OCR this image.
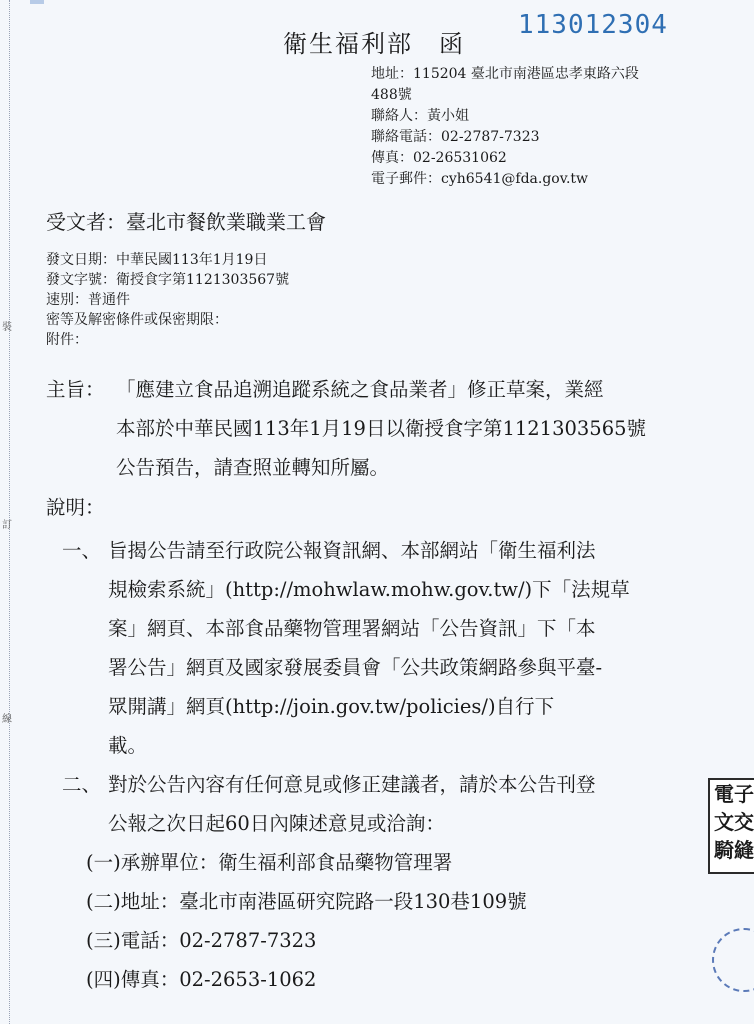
裝
訂
線
衛生福利部　函
113012304
地址：115204 臺北市南港區忠孝東路六段
488號
聯絡人：黃小姐
聯絡電話：02-2787-7323
傳真：02-26531062
電子郵件：cyh6541@fda.gov.tw
受文者：臺北市餐飲業職業工會
發文日期：中華民國113年1月19日
發文字號：衛授食字第1121303567號
速別：普通件
密等及解密條件或保密期限：
附件：
主旨： 「應建立食品追溯追蹤系統之食品業者」修正草案，業經
本部於中華民國113年1月19日以衛授食字第1121303565號
公告預告，請查照並轉知所屬。
說明：
一、 旨揭公告請至行政院公報資訊網、本部網站「衛生福利法
規檢索系統」(http://mohwlaw.mohw.gov.tw/)下「法規草
案」網頁、本部食品藥物管理署網站「公告資訊」下「本
署公告」網頁及國家發展委員會「公共政策網路參與平臺-
眾開講」網頁(http://join.gov.tw/policies/)自行下
載。
二、 對於公告內容有任何意見或修正建議者，請於本公告刊登
公報之次日起60日內陳述意見或洽詢：
(一)承辦單位：衛生福利部食品藥物管理署
(二)地址：臺北市南港區研究院路一段130巷109號
(三)電話：02-2787-7323
(四)傳真：02-2653-1062
電子
文交
騎縫
